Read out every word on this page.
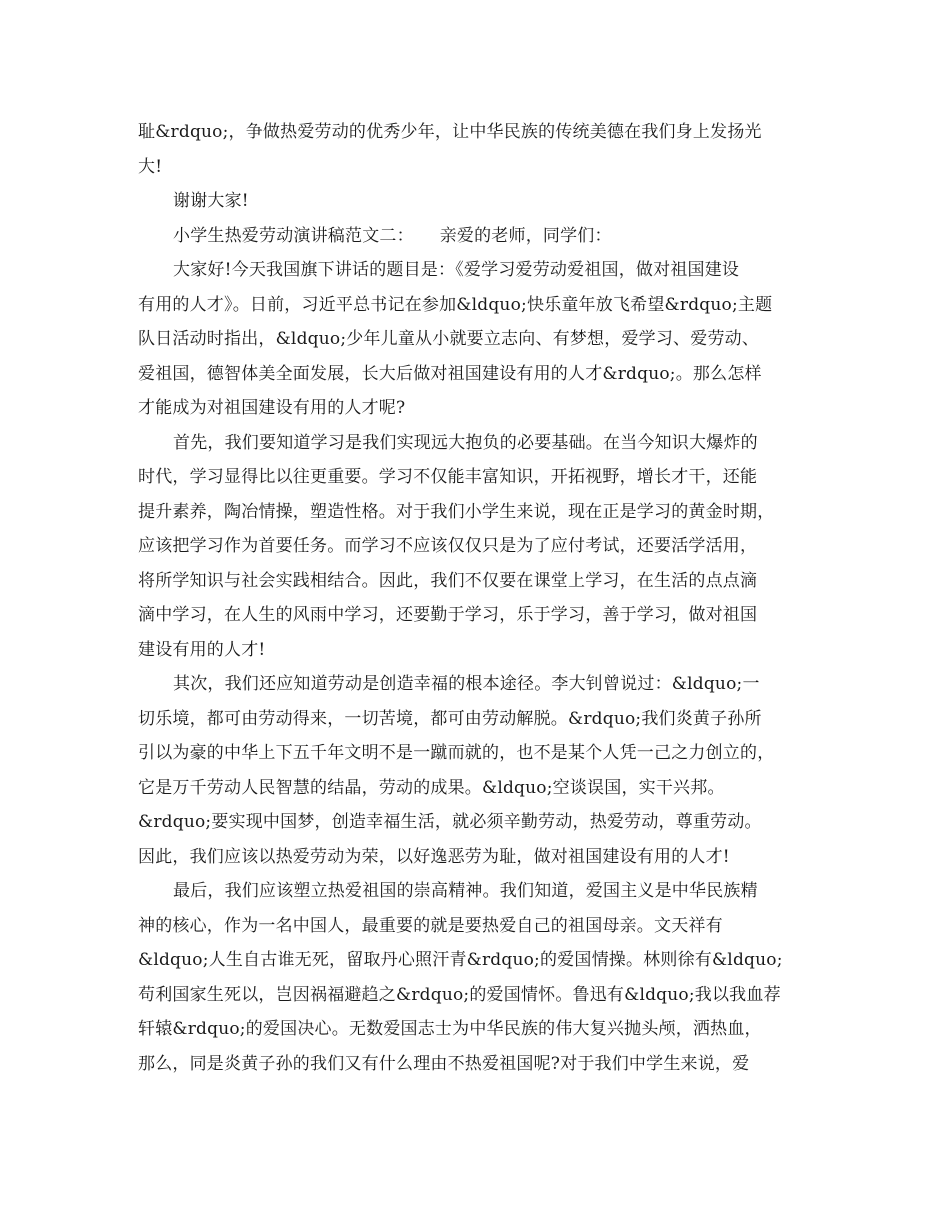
耻&rdquo;，争做热爱劳动的优秀少年，让中华民族的传统美德在我们身上发扬光
大!
谢谢大家!
小学生热爱劳动演讲稿范文二：　　亲爱的老师，同学们：
大家好!今天我国旗下讲话的题目是：《爱学习爱劳动爱祖国，做对祖国建设
有用的人才》。日前，习近平总书记在参加&ldquo;快乐童年放飞希望&rdquo;主题
队日活动时指出，&ldquo;少年儿童从小就要立志向、有梦想，爱学习、爱劳动、
爱祖国，德智体美全面发展，长大后做对祖国建设有用的人才&rdquo;。那么怎样
才能成为对祖国建设有用的人才呢?
首先，我们要知道学习是我们实现远大抱负的必要基础。在当今知识大爆炸的
时代，学习显得比以往更重要。学习不仅能丰富知识，开拓视野，增长才干，还能
提升素养，陶冶情操，塑造性格。对于我们小学生来说，现在正是学习的黄金时期，
应该把学习作为首要任务。而学习不应该仅仅只是为了应付考试，还要活学活用，
将所学知识与社会实践相结合。因此，我们不仅要在课堂上学习，在生活的点点滴
滴中学习，在人生的风雨中学习，还要勤于学习，乐于学习，善于学习，做对祖国
建设有用的人才!
其次，我们还应知道劳动是创造幸福的根本途径。李大钊曾说过：&ldquo;一
切乐境，都可由劳动得来，一切苦境，都可由劳动解脱。&rdquo;我们炎黄子孙所
引以为豪的中华上下五千年文明不是一蹴而就的，也不是某个人凭一己之力创立的，
它是万千劳动人民智慧的结晶，劳动的成果。&ldquo;空谈误国，实干兴邦。
&rdquo;要实现中国梦，创造幸福生活，就必须辛勤劳动，热爱劳动，尊重劳动。
因此，我们应该以热爱劳动为荣，以好逸恶劳为耻，做对祖国建设有用的人才!
最后，我们应该塑立热爱祖国的崇高精神。我们知道，爱国主义是中华民族精
神的核心，作为一名中国人，最重要的就是要热爱自己的祖国母亲。文天祥有
&ldquo;人生自古谁无死，留取丹心照汗青&rdquo;的爱国情操。林则徐有&ldquo;
苟利国家生死以，岂因祸福避趋之&rdquo;的爱国情怀。鲁迅有&ldquo;我以我血荐
轩辕&rdquo;的爱国决心。无数爱国志士为中华民族的伟大复兴抛头颅，洒热血，
那么，同是炎黄子孙的我们又有什么理由不热爱祖国呢?对于我们中学生来说，爱
